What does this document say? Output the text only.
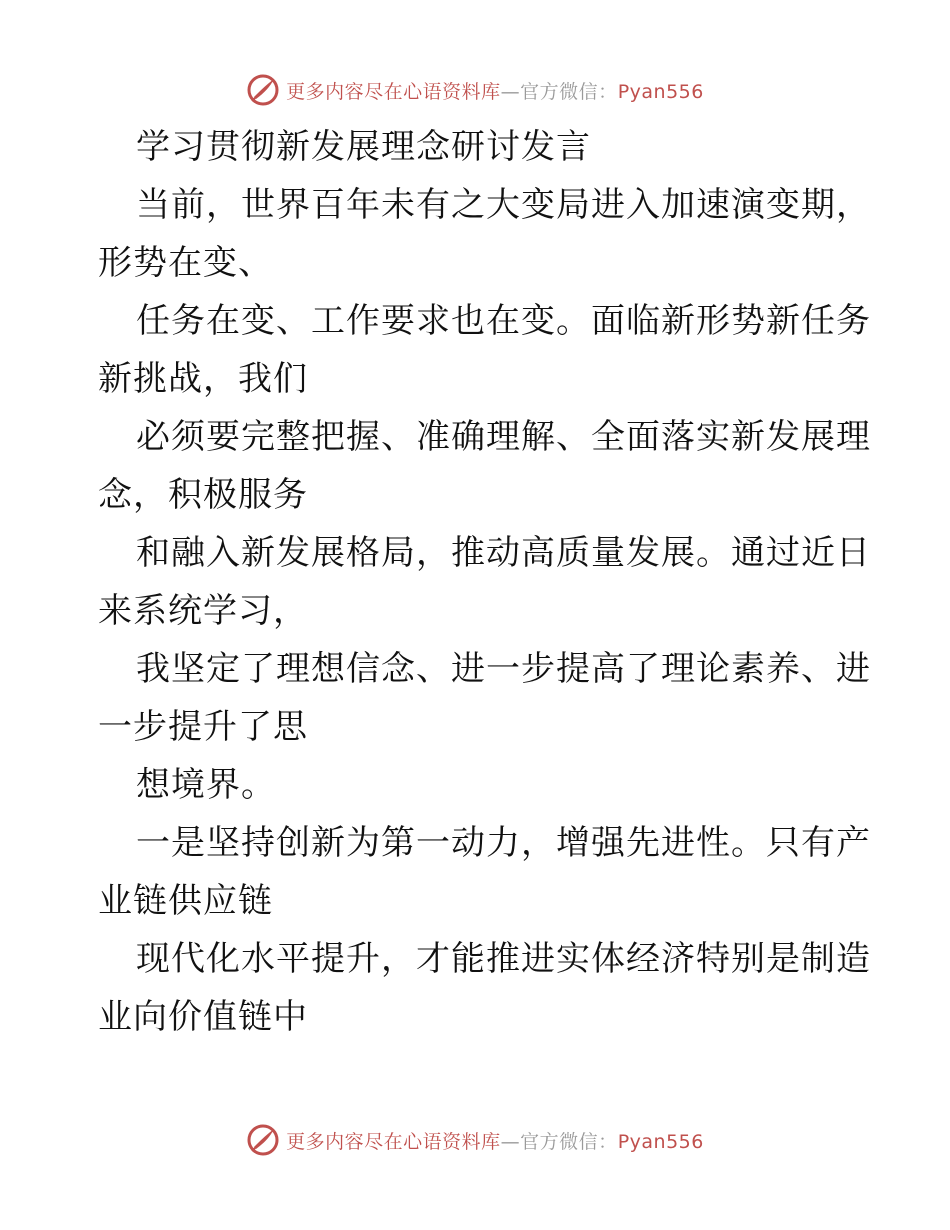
更多内容尽在心语资料库—官方微信：Pyan556
学习贯彻新发展理念研讨发言
当前，世界百年未有之大变局进入加速演变期，
形势在变、
任务在变、工作要求也在变。面临新形势新任务
新挑战，我们
必须要完整把握、准确理解、全面落实新发展理
念，积极服务
和融入新发展格局，推动高质量发展。通过近日
来系统学习，
我坚定了理想信念、进一步提高了理论素养、进
一步提升了思
想境界。
一是坚持创新为第一动力，增强先进性。只有产
业链供应链
现代化水平提升，才能推进实体经济特别是制造
业向价值链中
更多内容尽在心语资料库—官方微信：Pyan556
